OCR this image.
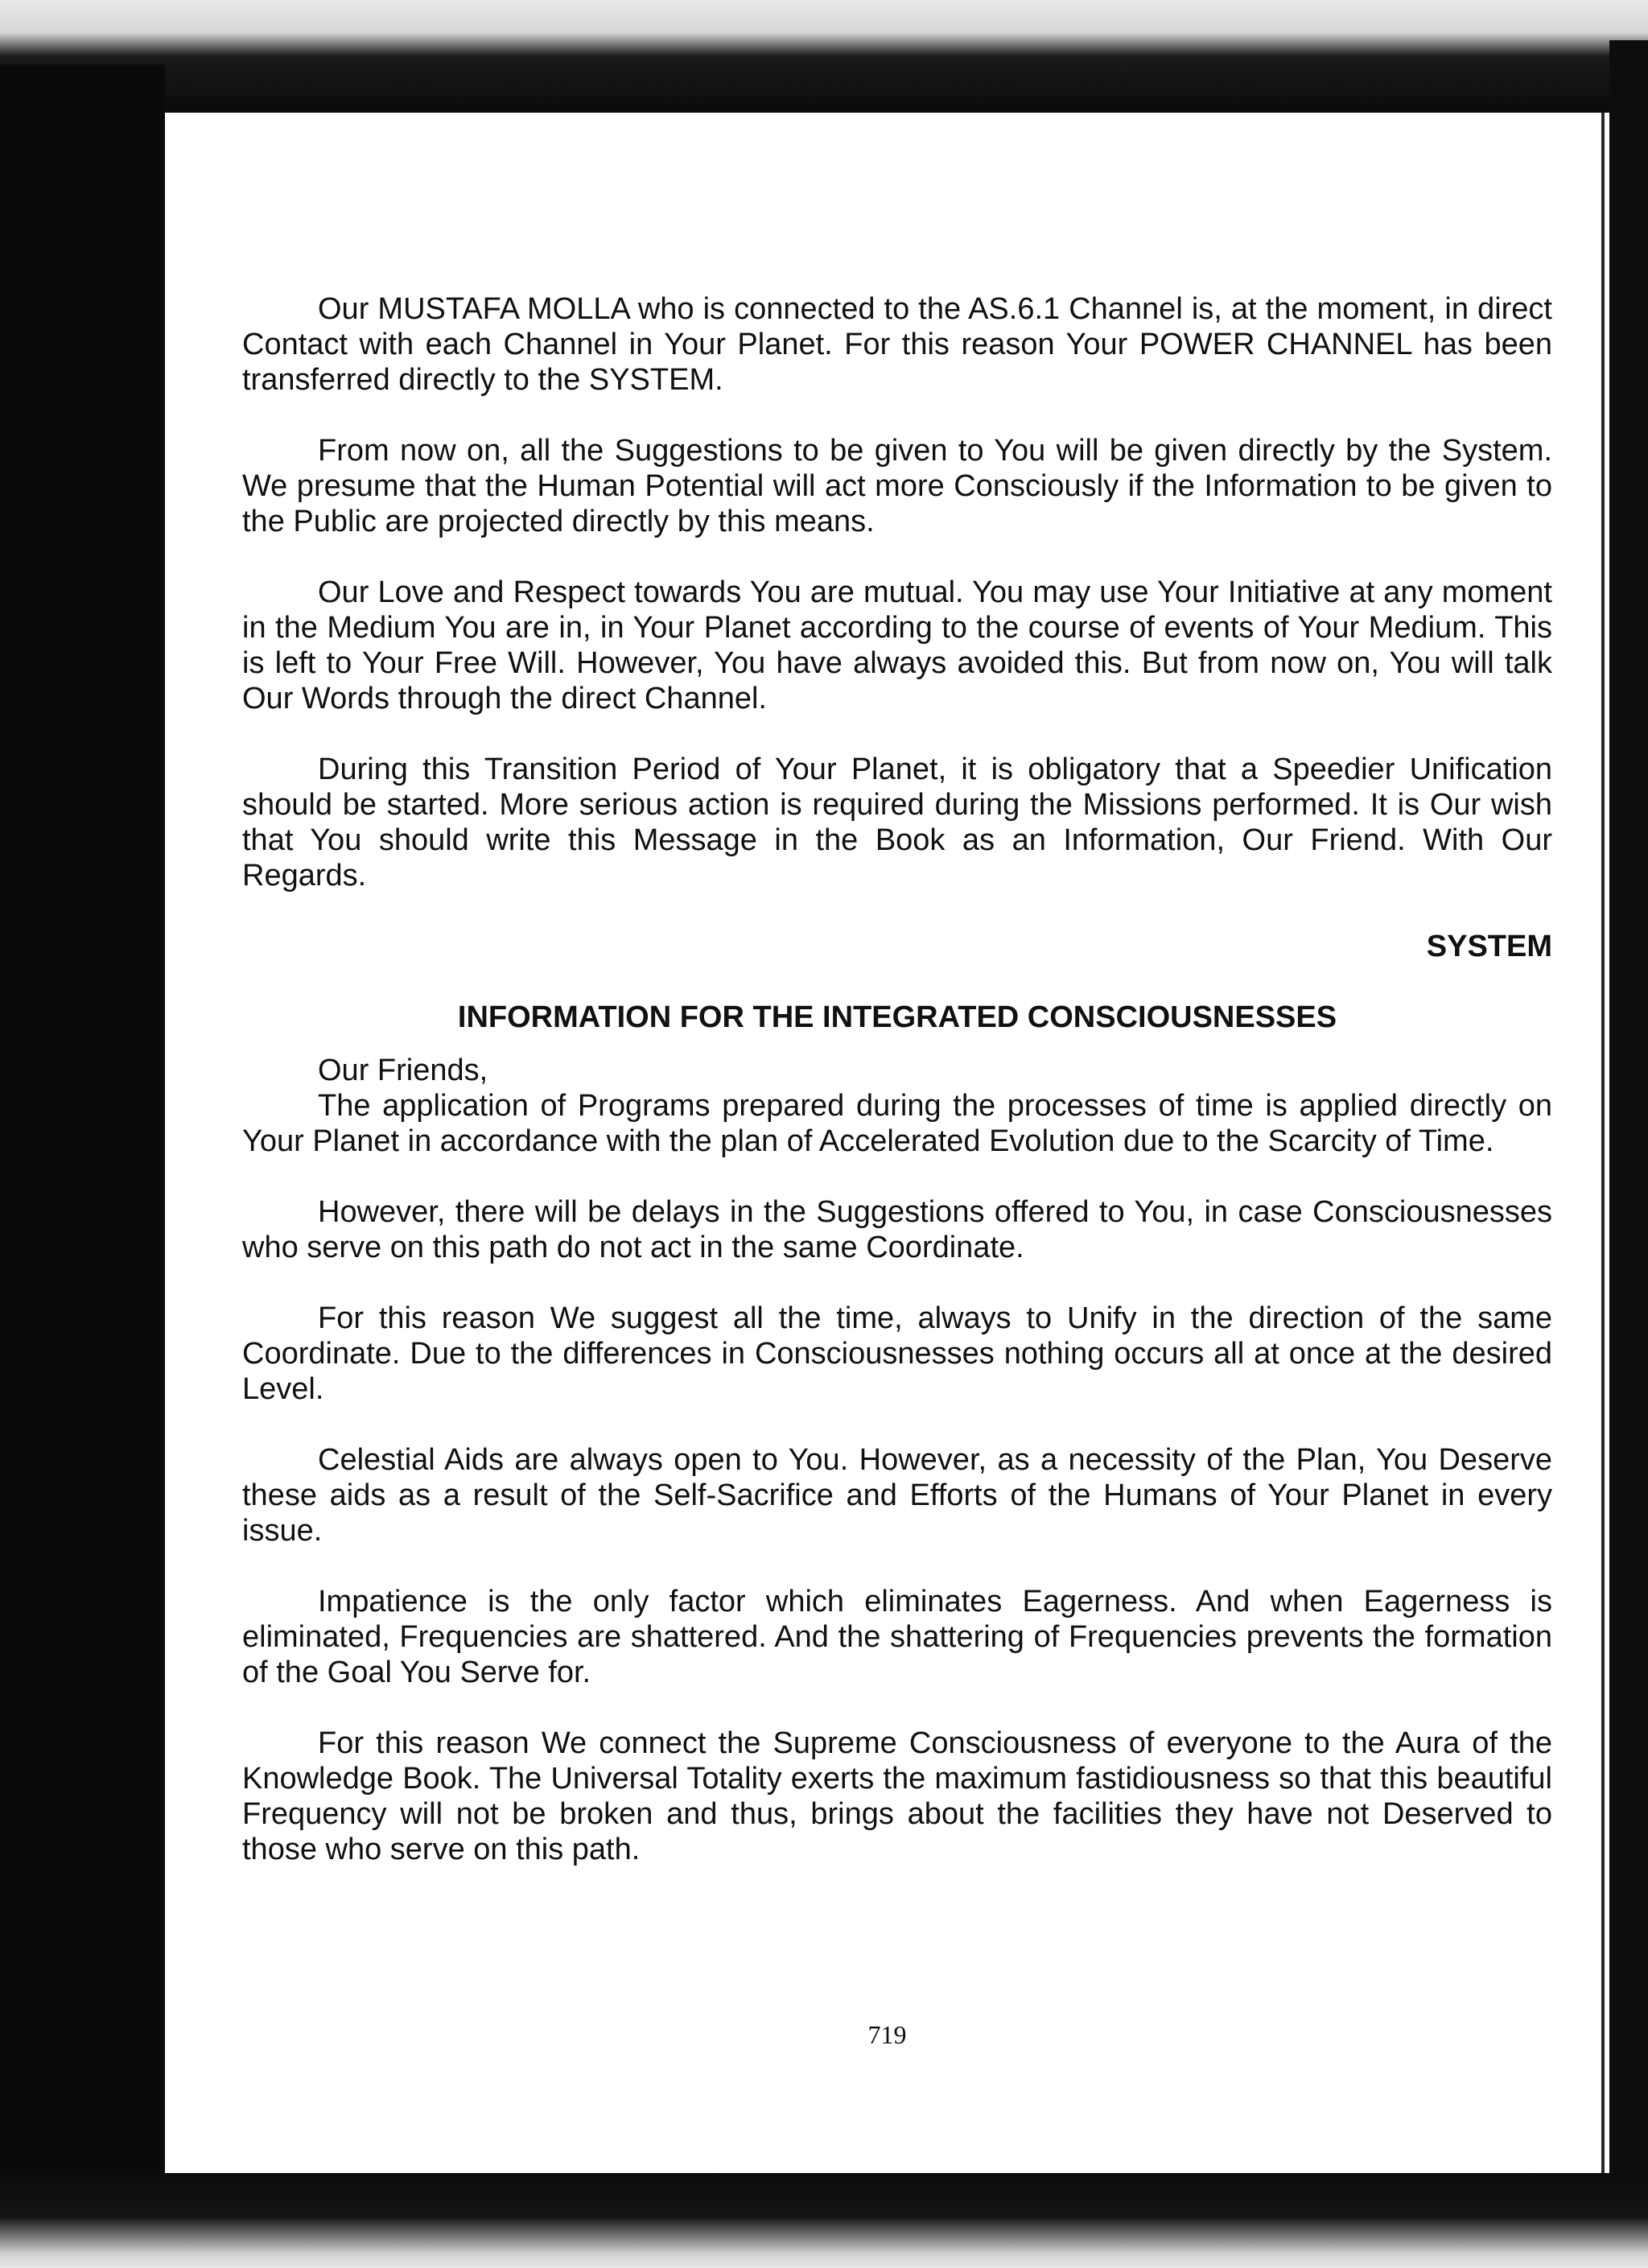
Our MUSTAFA MOLLA who is connected to the AS.6.1 Channel is, at the moment, in direct Contact with each Channel in Your Planet. For this reason Your POWER CHANNEL has been transferred directly to the SYSTEM.

From now on, all the Suggestions to be given to You will be given directly by the System. We presume that the Human Potential will act more Consciously if the Information to be given to the Public are projected directly by this means.

Our Love and Respect towards You are mutual. You may use Your Initiative at any moment in the Medium You are in, in Your Planet according to the course of events of Your Medium. This is left to Your Free Will. However, You have always avoided this. But from now on, You will talk Our Words through the direct Channel.

During this Transition Period of Your Planet, it is obligatory that a Speedier Unification should be started. More serious action is required during the Missions performed. It is Our wish that You should write this Message in the Book as an Information, Our Friend. With Our Regards.

SYSTEM
INFORMATION FOR THE INTEGRATED CONSCIOUSNESSES

Our Friends,

The application of Programs prepared during the processes of time is applied directly on Your Planet in accordance with the plan of Accelerated Evolution due to the Scarcity of Time.

However, there will be delays in the Suggestions offered to You, in case Consciousnesses who serve on this path do not act in the same Coordinate.

For this reason We suggest all the time, always to Unify in the direction of the same Coordinate. Due to the differences in Consciousnesses nothing occurs all at once at the desired Level.

Celestial Aids are always open to You. However, as a necessity of the Plan, You Deserve these aids as a result of the Self-Sacrifice and Efforts of the Humans of Your Planet in every issue.

Impatience is the only factor which eliminates Eagerness. And when Eagerness is eliminated, Frequencies are shattered. And the shattering of Frequencies prevents the formation of the Goal You Serve for.

For this reason We connect the Supreme Consciousness of everyone to the Aura of the Knowledge Book. The Universal Totality exerts the maximum fastidiousness so that this beautiful Frequency will not be broken and thus, brings about the facilities they have not Deserved to those who serve on this path.

719
